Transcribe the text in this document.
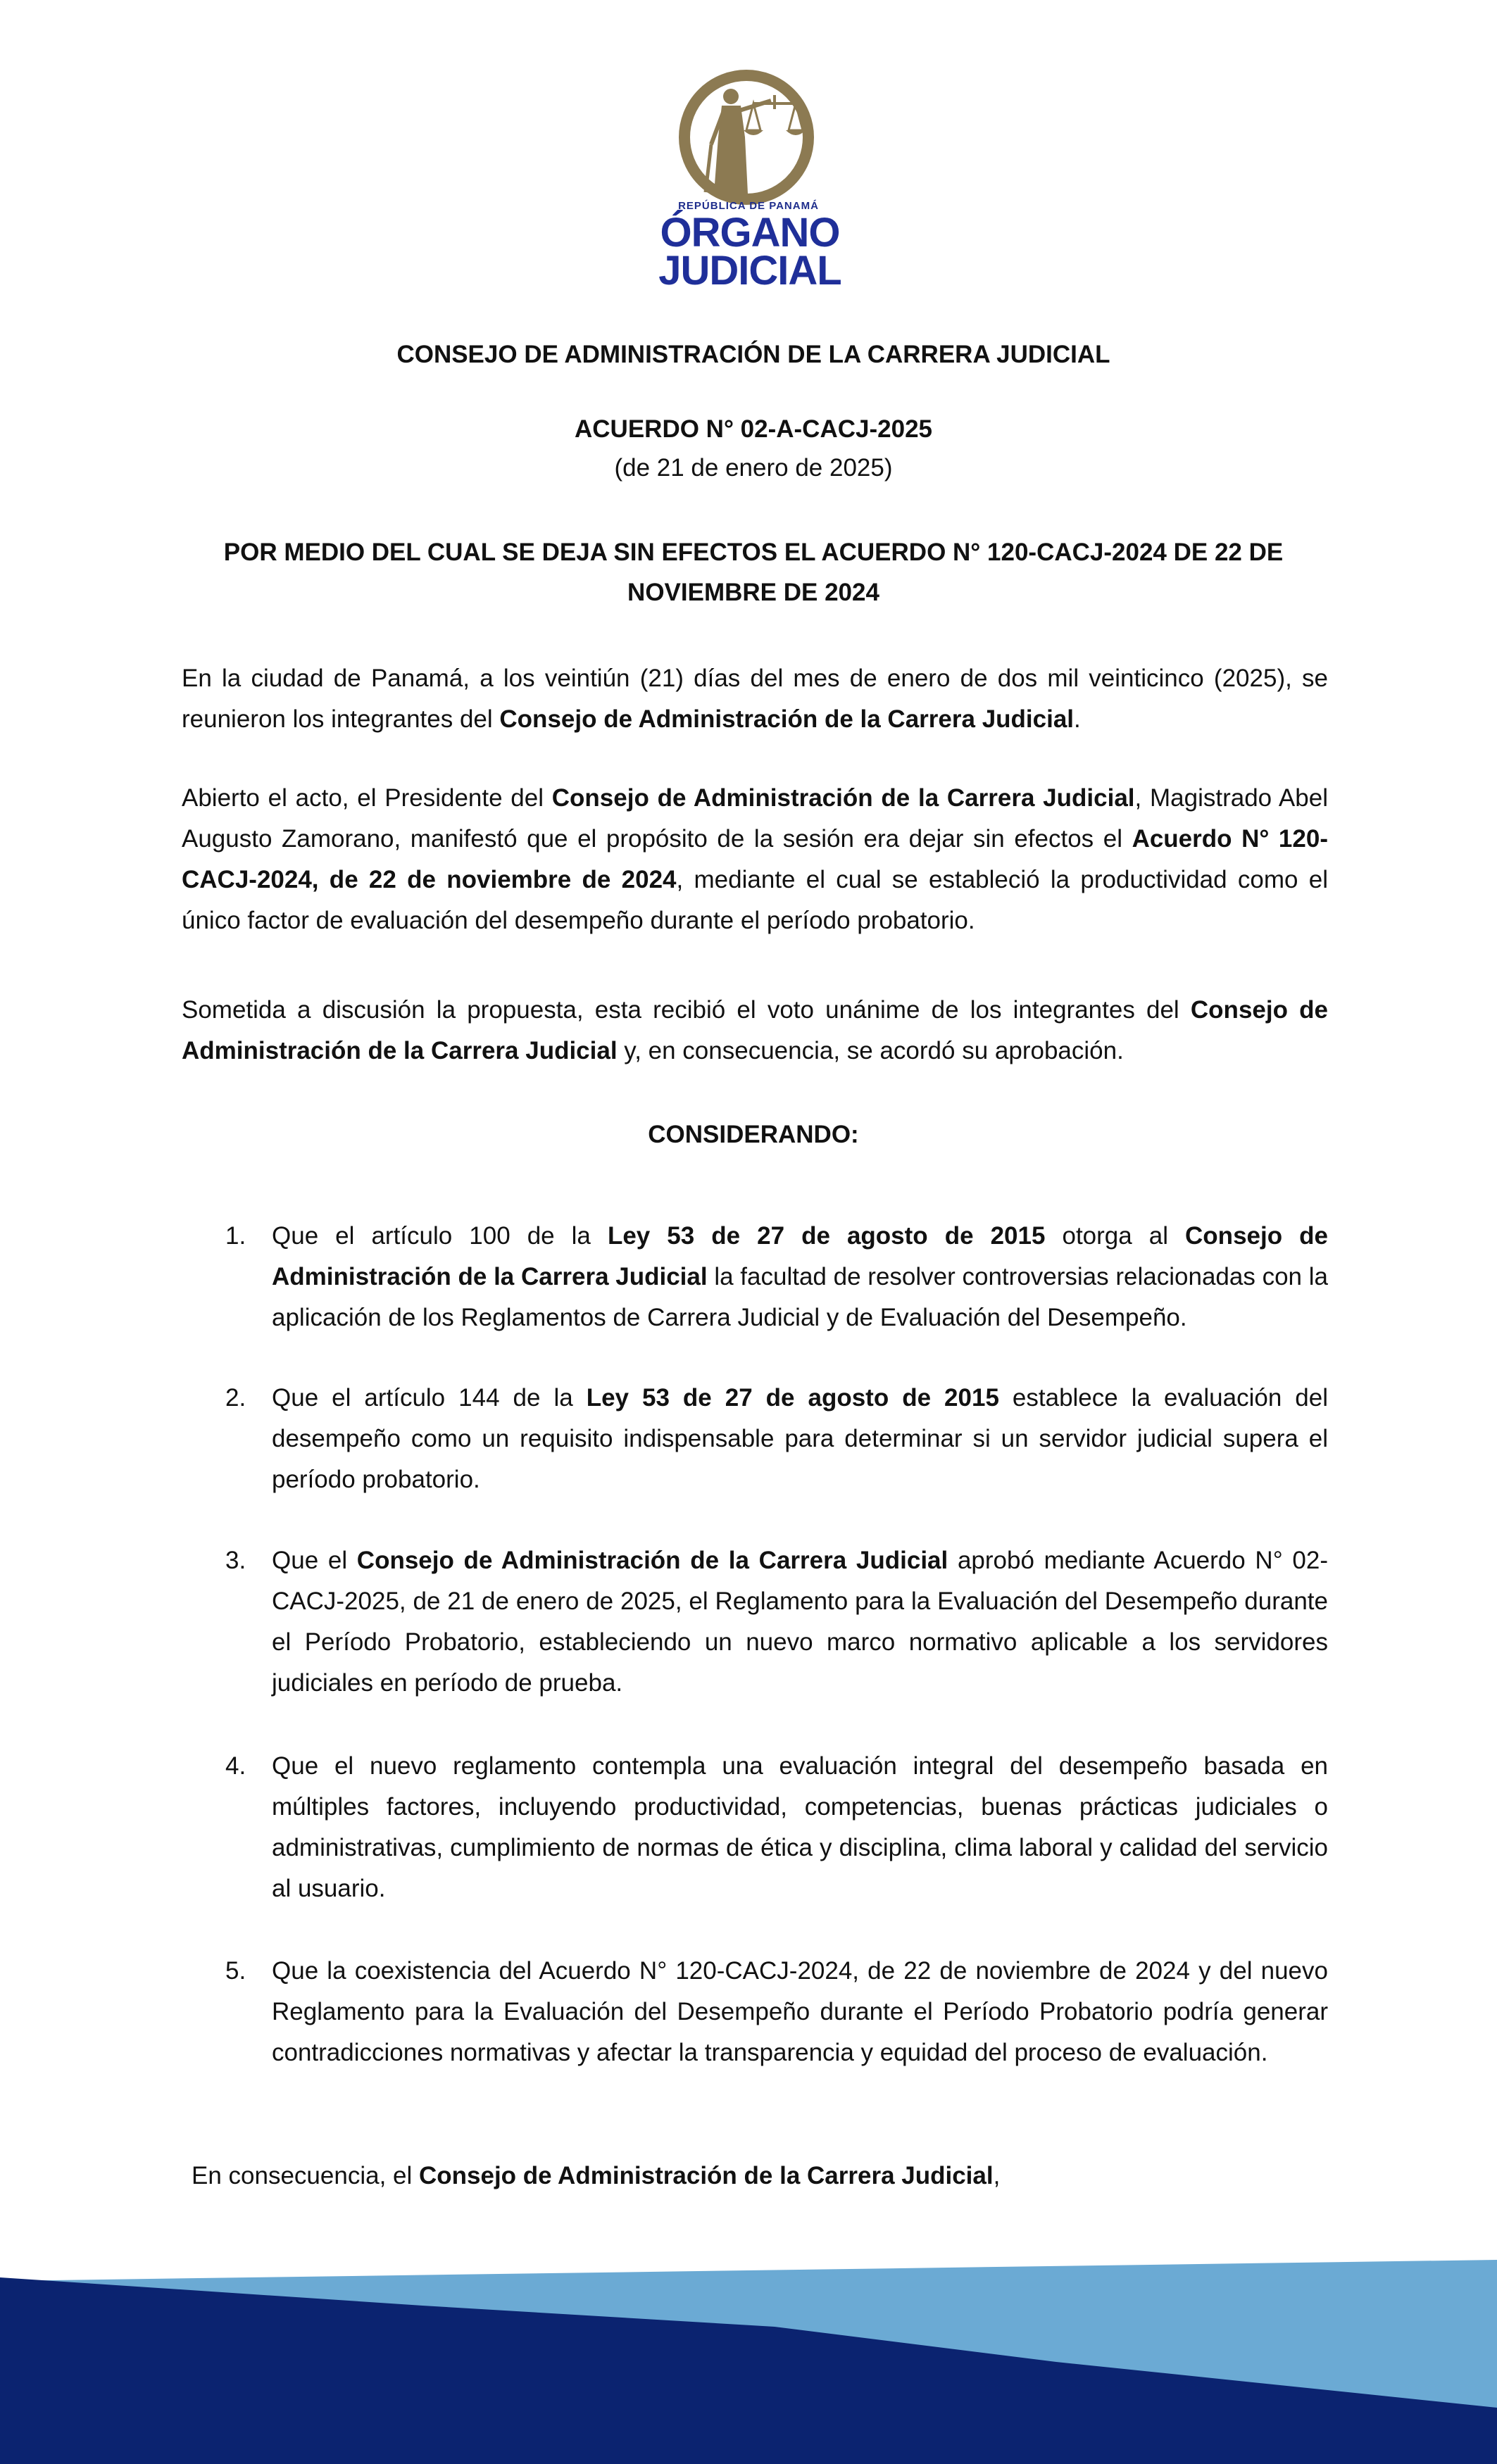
REPÚBLICA DE PANAMÁ
ÓRGANO
JUDICIAL
CONSEJO DE ADMINISTRACIÓN DE LA CARRERA JUDICIAL
ACUERDO N° 02-A-CACJ-2025
(de 21 de enero de 2025)
POR MEDIO DEL CUAL SE DEJA SIN EFECTOS EL ACUERDO N° 120-CACJ-2024 DE 22 DE
NOVIEMBRE DE 2024
En la ciudad de Panamá, a los veintiún (21) días del mes de enero de dos mil veinticinco (2025), se reunieron los integrantes del Consejo de Administración de la Carrera Judicial.
Abierto el acto, el Presidente del Consejo de Administración de la Carrera Judicial, Magistrado Abel Augusto Zamorano, manifestó que el propósito de la sesión era dejar sin efectos el Acuerdo N° 120-CACJ-2024, de 22 de noviembre de 2024, mediante el cual se estableció la productividad como el único factor de evaluación del desempeño durante el período probatorio.
Sometida a discusión la propuesta, esta recibió el voto unánime de los integrantes del Consejo de Administración de la Carrera Judicial y, en consecuencia, se acordó su aprobación.
CONSIDERANDO:
1.	Que el artículo 100 de la Ley 53 de 27 de agosto de 2015 otorga al Consejo de Administración de la Carrera Judicial la facultad de resolver controversias relacionadas con la aplicación de los Reglamentos de Carrera Judicial y de Evaluación del Desempeño.
2.	Que el artículo 144 de la Ley 53 de 27 de agosto de 2015 establece la evaluación del desempeño como un requisito indispensable para determinar si un servidor judicial supera el período probatorio.
3.	Que el Consejo de Administración de la Carrera Judicial aprobó mediante Acuerdo N° 02-CACJ-2025, de 21 de enero de 2025, el Reglamento para la Evaluación del Desempeño durante el Período Probatorio, estableciendo un nuevo marco normativo aplicable a los servidores judiciales en período de prueba.
4.	Que el nuevo reglamento contempla una evaluación integral del desempeño basada en múltiples factores, incluyendo productividad, competencias, buenas prácticas judiciales o administrativas, cumplimiento de normas de ética y disciplina, clima laboral y calidad del servicio al usuario.
5.	Que la coexistencia del Acuerdo N° 120-CACJ-2024, de 22 de noviembre de 2024 y del nuevo Reglamento para la Evaluación del Desempeño durante el Período Probatorio podría generar contradicciones normativas y afectar la transparencia y equidad del proceso de evaluación.
En consecuencia, el Consejo de Administración de la Carrera Judicial,
